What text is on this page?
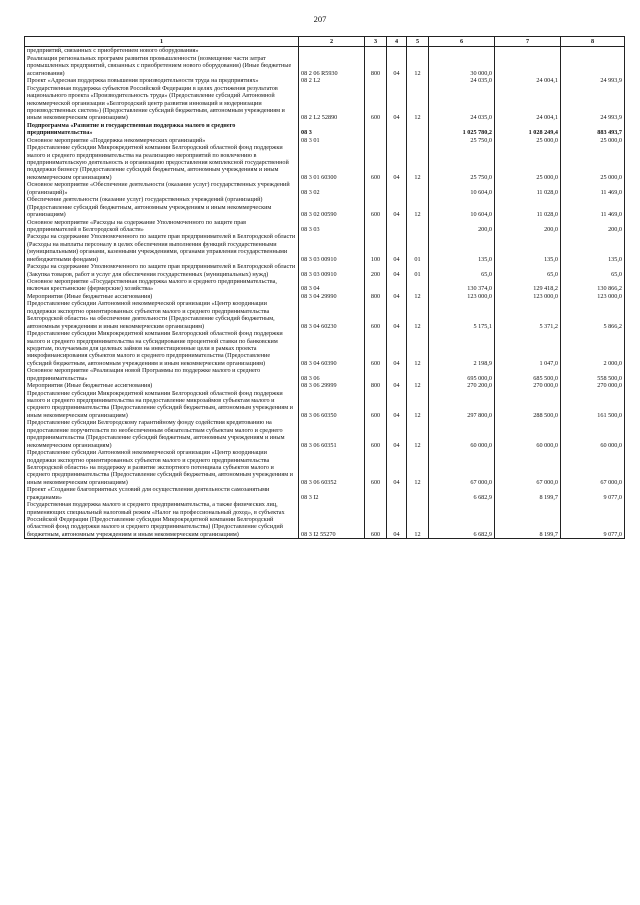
207
1	2	3	4	5	6	7	8
предприятий, связанных с приобретением нового оборудования»							
Реализация региональных программ развития промышленности (возмещение части затрат промышленных предприятий, связанных с приобретением нового оборудования) (Иные бюджетные ассигнования)	08 2 06 R5930	800	04	12	30 000,0		
Проект «Адресная поддержка повышения производительности труда на предприятиях»	08 2 L2				24 035,0	24 004,1	24 993,9
Государственная поддержка субъектов Российской Федерации в целях достижения результатов национального проекта «Производительность труда» (Предоставление субсидий Автономной некоммерческой организации «Белгородский центр развития инноваций и модернизации производственных систем») (Предоставление субсидий бюджетным, автономным учреждениям и иным некоммерческим организациям)	08 2 L2 52890	600	04	12	24 035,0	24 004,1	24 993,9
Подпрограмма «Развитие и государственная поддержка малого и среднего предпринимательства»	08 3				1 025 780,2	1 028 249,4	883 493,7
Основное мероприятие «Поддержка некоммерческих организаций»	08 3 01				25 750,0	25 000,0	25 000,0
Предоставление субсидии Микрокредитной компании Белгородский областной фонд поддержки малого и среднего предпринимательства на реализацию мероприятий по вовлечению в предпринимательскую деятельность и организацию предоставления комплексной государственной поддержки бизнесу (Предоставление субсидий бюджетным, автономным учреждениям и иным некоммерческим организациям)	08 3 01 60300	600	04	12	25 750,0	25 000,0	25 000,0
Основное мероприятие «Обеспечение деятельности (оказание услуг) государственных учреждений (организаций)»	08 3 02				10 604,0	11 028,0	11 469,0
Обеспечение деятельности (оказание услуг) государственных учреждений (организаций) (Предоставление субсидий бюджетным, автономным учреждениям и иным некоммерческим организациям)	08 3 02 00590	600	04	12	10 604,0	11 028,0	11 469,0
Основное мероприятие «Расходы на содержание Уполномоченного по защите прав предпринимателей в Белгородской области»	08 3 03				200,0	200,0	200,0
Расходы на содержание Уполномоченного по защите прав предпринимателей в Белгородской области (Расходы на выплаты персоналу в целях обеспечения выполнения функций государственными (муниципальными) органами, казенными учреждениями, органами управления государственными внебюджетными фондами)	08 3 03 00910	100	04	01	135,0	135,0	135,0
Расходы на содержание Уполномоченного по защите прав предпринимателей в Белгородской области (Закупка товаров, работ и услуг для обеспечения государственных (муниципальных) нужд)	08 3 03 00910	200	04	01	65,0	65,0	65,0
Основное мероприятие «Государственная поддержка малого и среднего предпринимательства, включая крестьянские (фермерские) хозяйства»	08 3 04				130 374,0	129 418,2	130 866,2
Мероприятия (Иные бюджетные ассигнования)	08 3 04 29990	800	04	12	123 000,0	123 000,0	123 000,0
Предоставление субсидии Автономной некоммерческой организации «Центр координации поддержки экспортно ориентированных субъектов малого и среднего предпринимательства Белгородской области» на обеспечение деятельности (Предоставление субсидий бюджетным, автономным учреждениям и иным некоммерческим организациям)	08 3 04 60230	600	04	12	5 175,1	5 371,2	5 866,2
Предоставление субсидии Микрокредитной компании Белгородский областной фонд поддержки малого и среднего предпринимательства на субсидирование процентной ставки по банковским кредитам, получаемым для целевых займов на инвестиционные цели в рамках проекта микрофинансирования субъектов малого и среднего предпринимательства (Предоставление субсидий бюджетным, автономным учреждениям и иным некоммерческим организациям)	08 3 04 60390	600	04	12	2 198,9	1 047,0	2 000,0
Основное мероприятие «Реализация новой Программы по поддержке малого и среднего предпринимательства»	08 3 06				695 000,0	685 500,0	558 500,0
Мероприятия (Иные бюджетные ассигнования)	08 3 06 29999	800	04	12	270 200,0	270 000,0	270 000,0
Предоставление субсидии Микрокредитной компании Белгородский областной фонд поддержки малого и среднего предпринимательства на предоставление микрозаймов субъектам малого и среднего предпринимательства (Предоставление субсидий бюджетным, автономным учреждениям и иным некоммерческим организациям)	08 3 06 60350	600	04	12	297 800,0	288 500,0	161 500,0
Предоставление субсидии Белгородскому гарантийному фонду содействия кредитованию на предоставление поручительств по необеспеченным обязательствам субъектам малого и среднего предпринимательства (Предоставление субсидий бюджетным, автономным учреждениям и иным некоммерческим организациям)	08 3 06 60351	600	04	12	60 000,0	60 000,0	60 000,0
Предоставление субсидии Автономной некоммерческой организации «Центр координации поддержки экспортно ориентированных субъектов малого и среднего предпринимательства Белгородской области» на поддержку и развитие экспортного потенциала субъектов малого и среднего предпринимательства (Предоставление субсидий бюджетным, автономным учреждениям и иным некоммерческим организациям)	08 3 06 60352	600	04	12	67 000,0	67 000,0	67 000,0
Проект «Создание благоприятных условий для осуществления деятельности самозанятыми гражданами»	08 3 I2				6 682,9	8 199,7	9 077,0
Государственная поддержка малого и среднего предпринимательства, а также физических лиц, применяющих специальный налоговый режим «Налог на профессиональный доход», в субъектах Российской Федерации (Предоставление субсидии Микрокредитной компании Белгородский областной фонд поддержки малого и среднего предпринимательства) (Предоставление субсидий бюджетным, автономным учреждениям и иным некоммерческим организациям)	08 3 I2 55270	600	04	12	6 682,9	8 199,7	9 077,0
